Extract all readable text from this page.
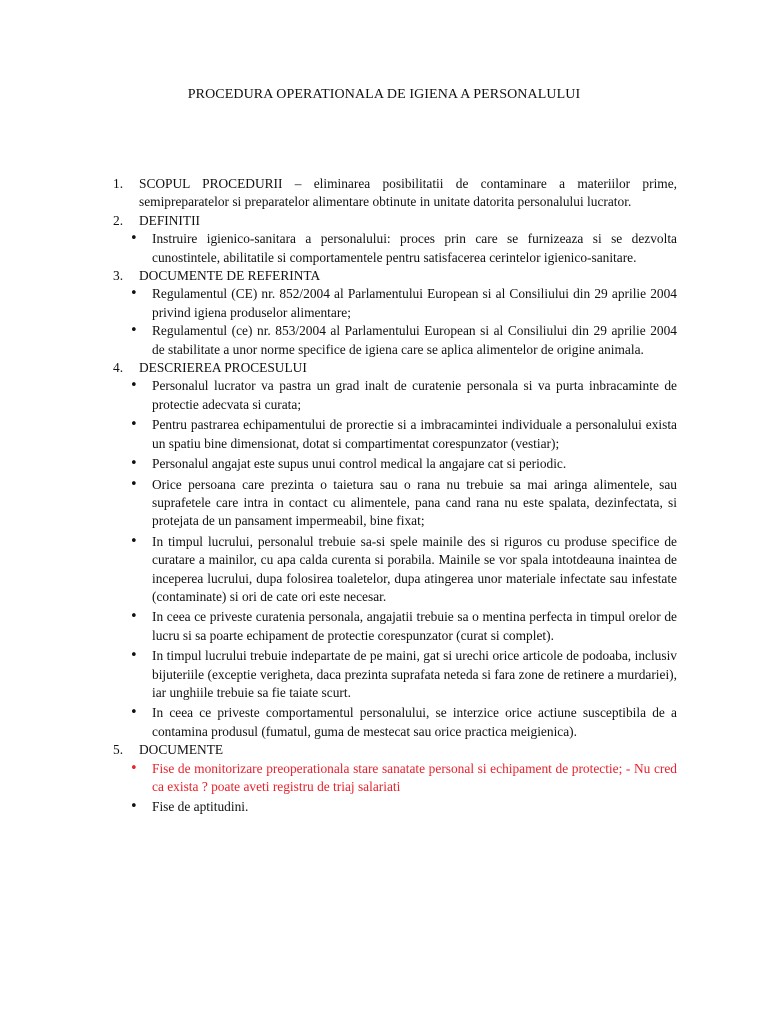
PROCEDURA OPERATIONALA DE IGIENA A PERSONALULUI
1.	SCOPUL PROCEDURII – eliminarea posibilitatii de contaminare a materiilor prime, semipreparatelor si preparatelor alimentare obtinute in unitate datorita personalului lucrator.
2.	DEFINITII
• Instruire igienico-sanitara a personalului: proces prin care se furnizeaza si se dezvolta cunostintele, abilitatile si comportamentele pentru satisfacerea cerintelor igienico-sanitare.
3.	DOCUMENTE DE REFERINTA
• Regulamentul (CE) nr. 852/2004 al Parlamentului European si al Consiliului din 29 aprilie 2004 privind igiena produselor alimentare;
• Regulamentul (ce) nr. 853/2004 al Parlamentului European si al Consiliului din 29 aprilie 2004 de stabilitate a unor norme specifice de igiena care se aplica alimentelor de origine animala.
4.	DESCRIEREA PROCESULUI
• Personalul lucrator va pastra un grad inalt de curatenie personala si va purta inbracaminte de protectie adecvata si curata;
• Pentru pastrarea echipamentului de prorectie si a imbracamintei individuale a personalului exista un spatiu bine dimensionat, dotat si compartimentat corespunzator (vestiar);
• Personalul angajat este supus unui control medical la angajare cat si periodic.
• Orice persoana care prezinta o taietura sau o rana nu trebuie sa mai aringa alimentele, sau suprafetele care intra in contact cu alimentele, pana cand rana nu este spalata, dezinfectata, si protejata de un pansament impermeabil, bine fixat;
• In timpul lucrului, personalul trebuie sa-si spele mainile des si riguros cu produse specifice de curatare a mainilor, cu apa calda curenta si porabila. Mainile se vor spala intotdeauna inaintea de inceperea lucrului, dupa folosirea toaletelor, dupa atingerea unor materiale infectate sau infestate (contaminate) si ori de cate ori este necesar.
• In ceea ce priveste curatenia personala, angajatii trebuie sa o mentina perfecta in timpul orelor de lucru si sa poarte echipament de protectie corespunzator (curat si complet).
• In timpul lucrului trebuie indepartate de pe maini, gat si urechi orice articole de podoaba, inclusiv bijuteriile (exceptie verigheta, daca prezinta suprafata neteda si fara zone de retinere a murdariei), iar unghiile trebuie sa fie taiate scurt.
• In ceea ce priveste comportamentul personalului, se interzice orice actiune susceptibila de a contamina produsul (fumatul, guma de mestecat sau orice practica meigienica).
5.	DOCUMENTE
• Fise de monitorizare preoperationala stare sanatate personal si echipament de protectie; - Nu cred ca exista ? poate aveti registru de triaj salariati
• Fise de aptitudini.
